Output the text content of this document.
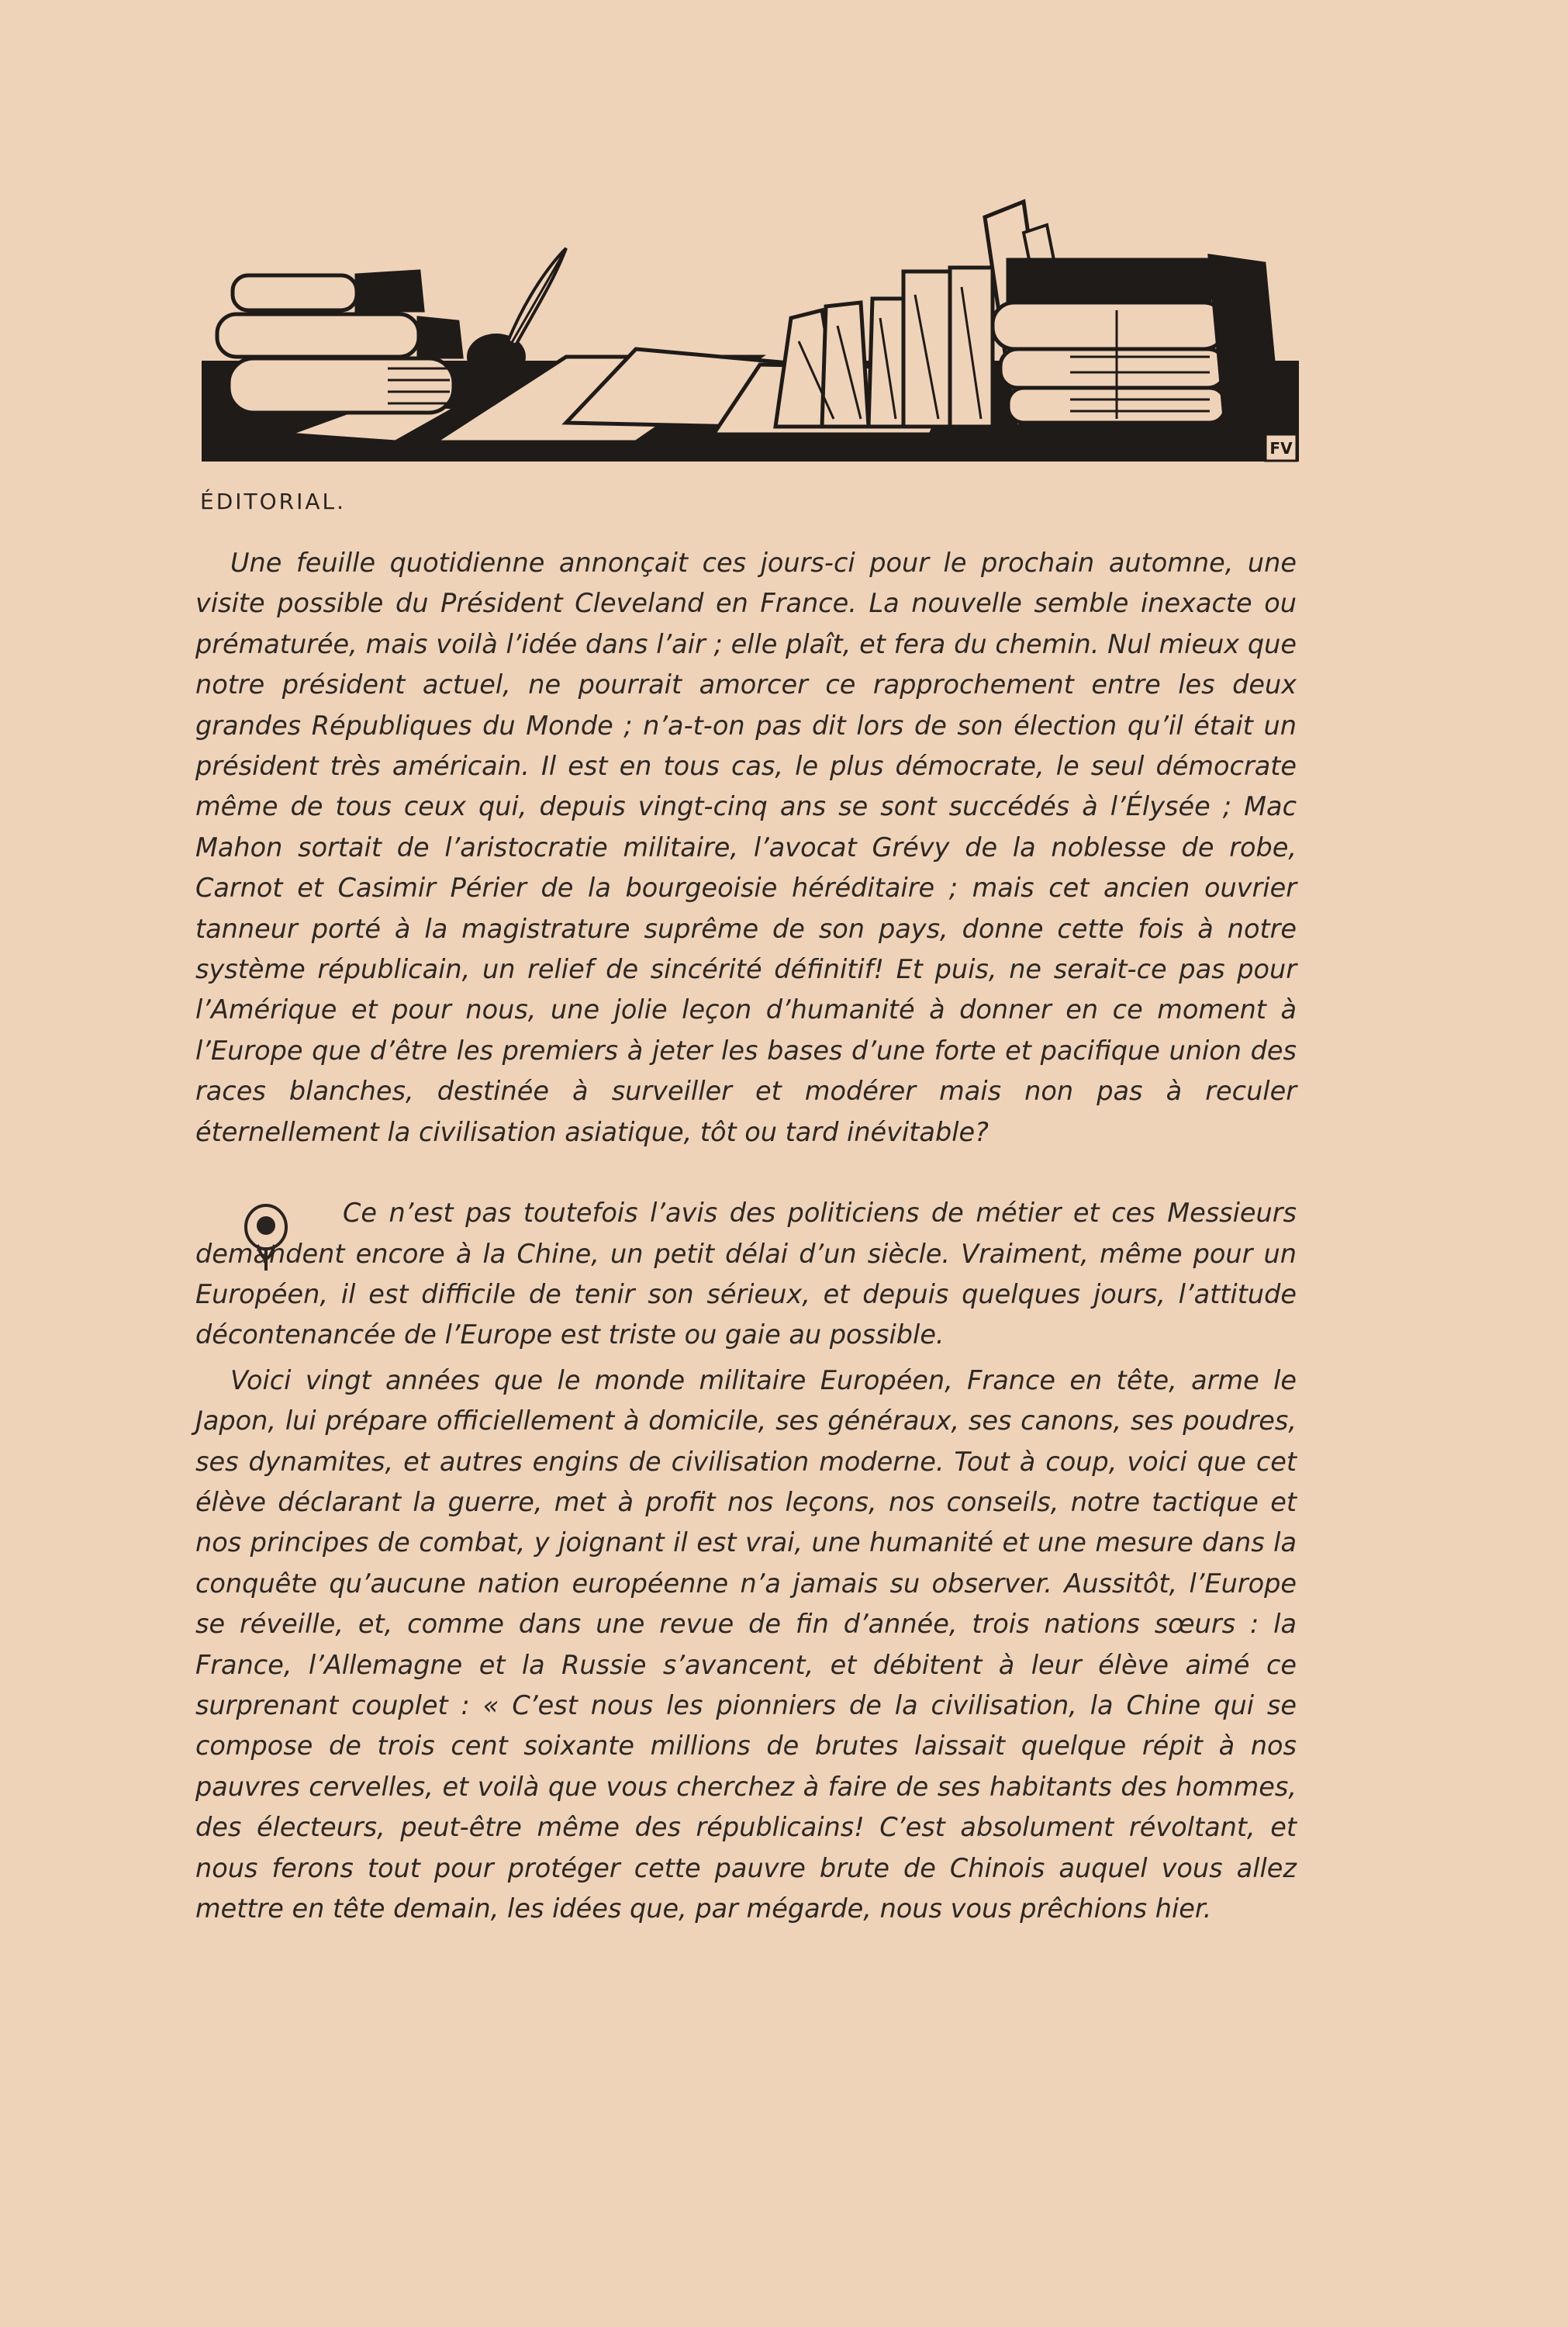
FV
ÉDITORIAL.

Une feuille quotidienne annonçait ces jours-ci pour le prochain automne, une visite possible du Président Cleveland en France. La nouvelle semble inexacte ou prématurée, mais voilà l’idée dans l’air ; elle plaît, et fera du chemin. Nul mieux que notre président actuel, ne pourrait amorcer ce rapprochement entre les deux grandes Républiques du Monde ; n’a-t-on pas dit lors de son élection qu’il était un président très américain. Il est en tous cas, le plus démocrate, le seul démocrate même de tous ceux qui, depuis vingt-cinq ans se sont succédés à l’Élysée ; Mac Mahon sortait de l’aristocratie militaire, l’avocat Grévy de la noblesse de robe, Carnot et Casimir Périer de la bourgeoisie héréditaire ; mais cet ancien ouvrier tanneur porté à la magistrature suprême de son pays, donne cette fois à notre système républicain, un relief de sincérité définitif! Et puis, ne serait-ce pas pour l’Amérique et pour nous, une jolie leçon d’humanité à donner en ce moment à l’Europe que d’être les premiers à jeter les bases d’une forte et pacifique union des races blanches, destinée à surveiller et modérer mais non pas à reculer éternellement la civilisation asiatique, tôt ou tard inévitable?

Ce n’est pas toutefois l’avis des politiciens de métier et ces Messieurs demandent encore à la Chine, un petit délai d’un siècle. Vraiment, même pour un Européen, il est difficile de tenir son sérieux, et depuis quelques jours, l’attitude décontenancée de l’Europe est triste ou gaie au possible.

Voici vingt années que le monde militaire Européen, France en tête, arme le Japon, lui prépare officiellement à domicile, ses généraux, ses canons, ses poudres, ses dynamites, et autres engins de civilisation moderne. Tout à coup, voici que cet élève déclarant la guerre, met à profit nos leçons, nos conseils, notre tactique et nos principes de combat, y joignant il est vrai, une humanité et une mesure dans la conquête qu’aucune nation européenne n’a jamais su observer. Aussitôt, l’Europe se réveille, et, comme dans une revue de fin d’année, trois nations sœurs : la France, l’Allemagne et la Russie s’avancent, et débitent à leur élève aimé ce surprenant couplet : « C’est nous les pionniers de la civilisation, la Chine qui se compose de trois cent soixante millions de brutes laissait quelque répit à nos pauvres cervelles, et voilà que vous cherchez à faire de ses habitants des hommes, des électeurs, peut-être même des républicains! C’est absolument révoltant, et nous ferons tout pour protéger cette pauvre brute de Chinois auquel vous allez mettre en tête demain, les idées que, par mégarde, nous vous prêchions hier.
